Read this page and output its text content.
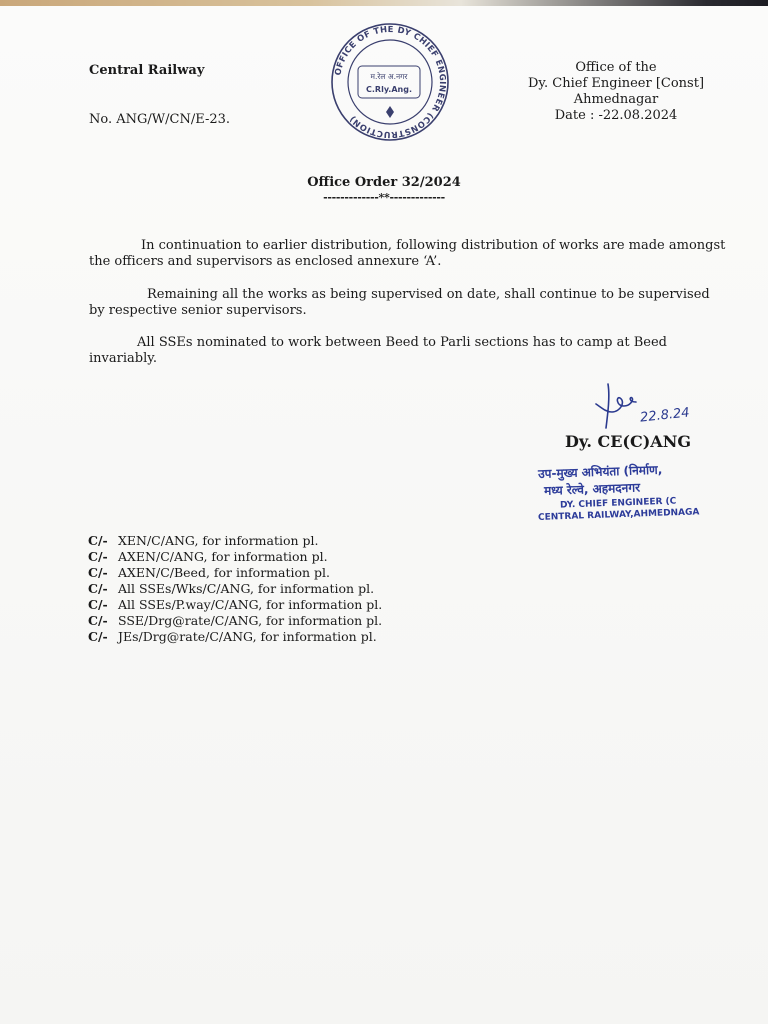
Central Railway
No. ANG/W/CN/E-23.
Office of the
Dy. Chief Engineer [Const]
Ahmednagar
Date : -22.08.2024
OFFICE OF THE DY CHIEF ENGINEER (CONSTRUCTION)
म.रेल अ.नगर
C.Rly.Ang.
Office Order 32/2024
-------------**-------------
In continuation to earlier distribution, following distribution of works are made amongst the officers and supervisors as enclosed annexure ‘A’.
Remaining all the works as being supervised on date, shall continue to be supervised by respective senior supervisors.
All SSEs nominated to work between Beed to Parli sections has to camp at Beed invariably.
22.8.24
Dy. CE(C)ANG
उप-मुख्य अभियंता (निर्माण,
मध्य रेल्वे, अहमदनगर
DY. CHIEF ENGINEER (C
CENTRAL RAILWAY,AHMEDNAGA
C/- XEN/C/ANG, for information pl.
C/- AXEN/C/ANG, for information pl.
C/- AXEN/C/Beed, for information pl.
C/- All SSEs/Wks/C/ANG, for information pl.
C/- All SSEs/P.way/C/ANG, for information pl.
C/- SSE/Drg@rate/C/ANG, for information pl.
C/- JEs/Drg@rate/C/ANG, for information pl.
